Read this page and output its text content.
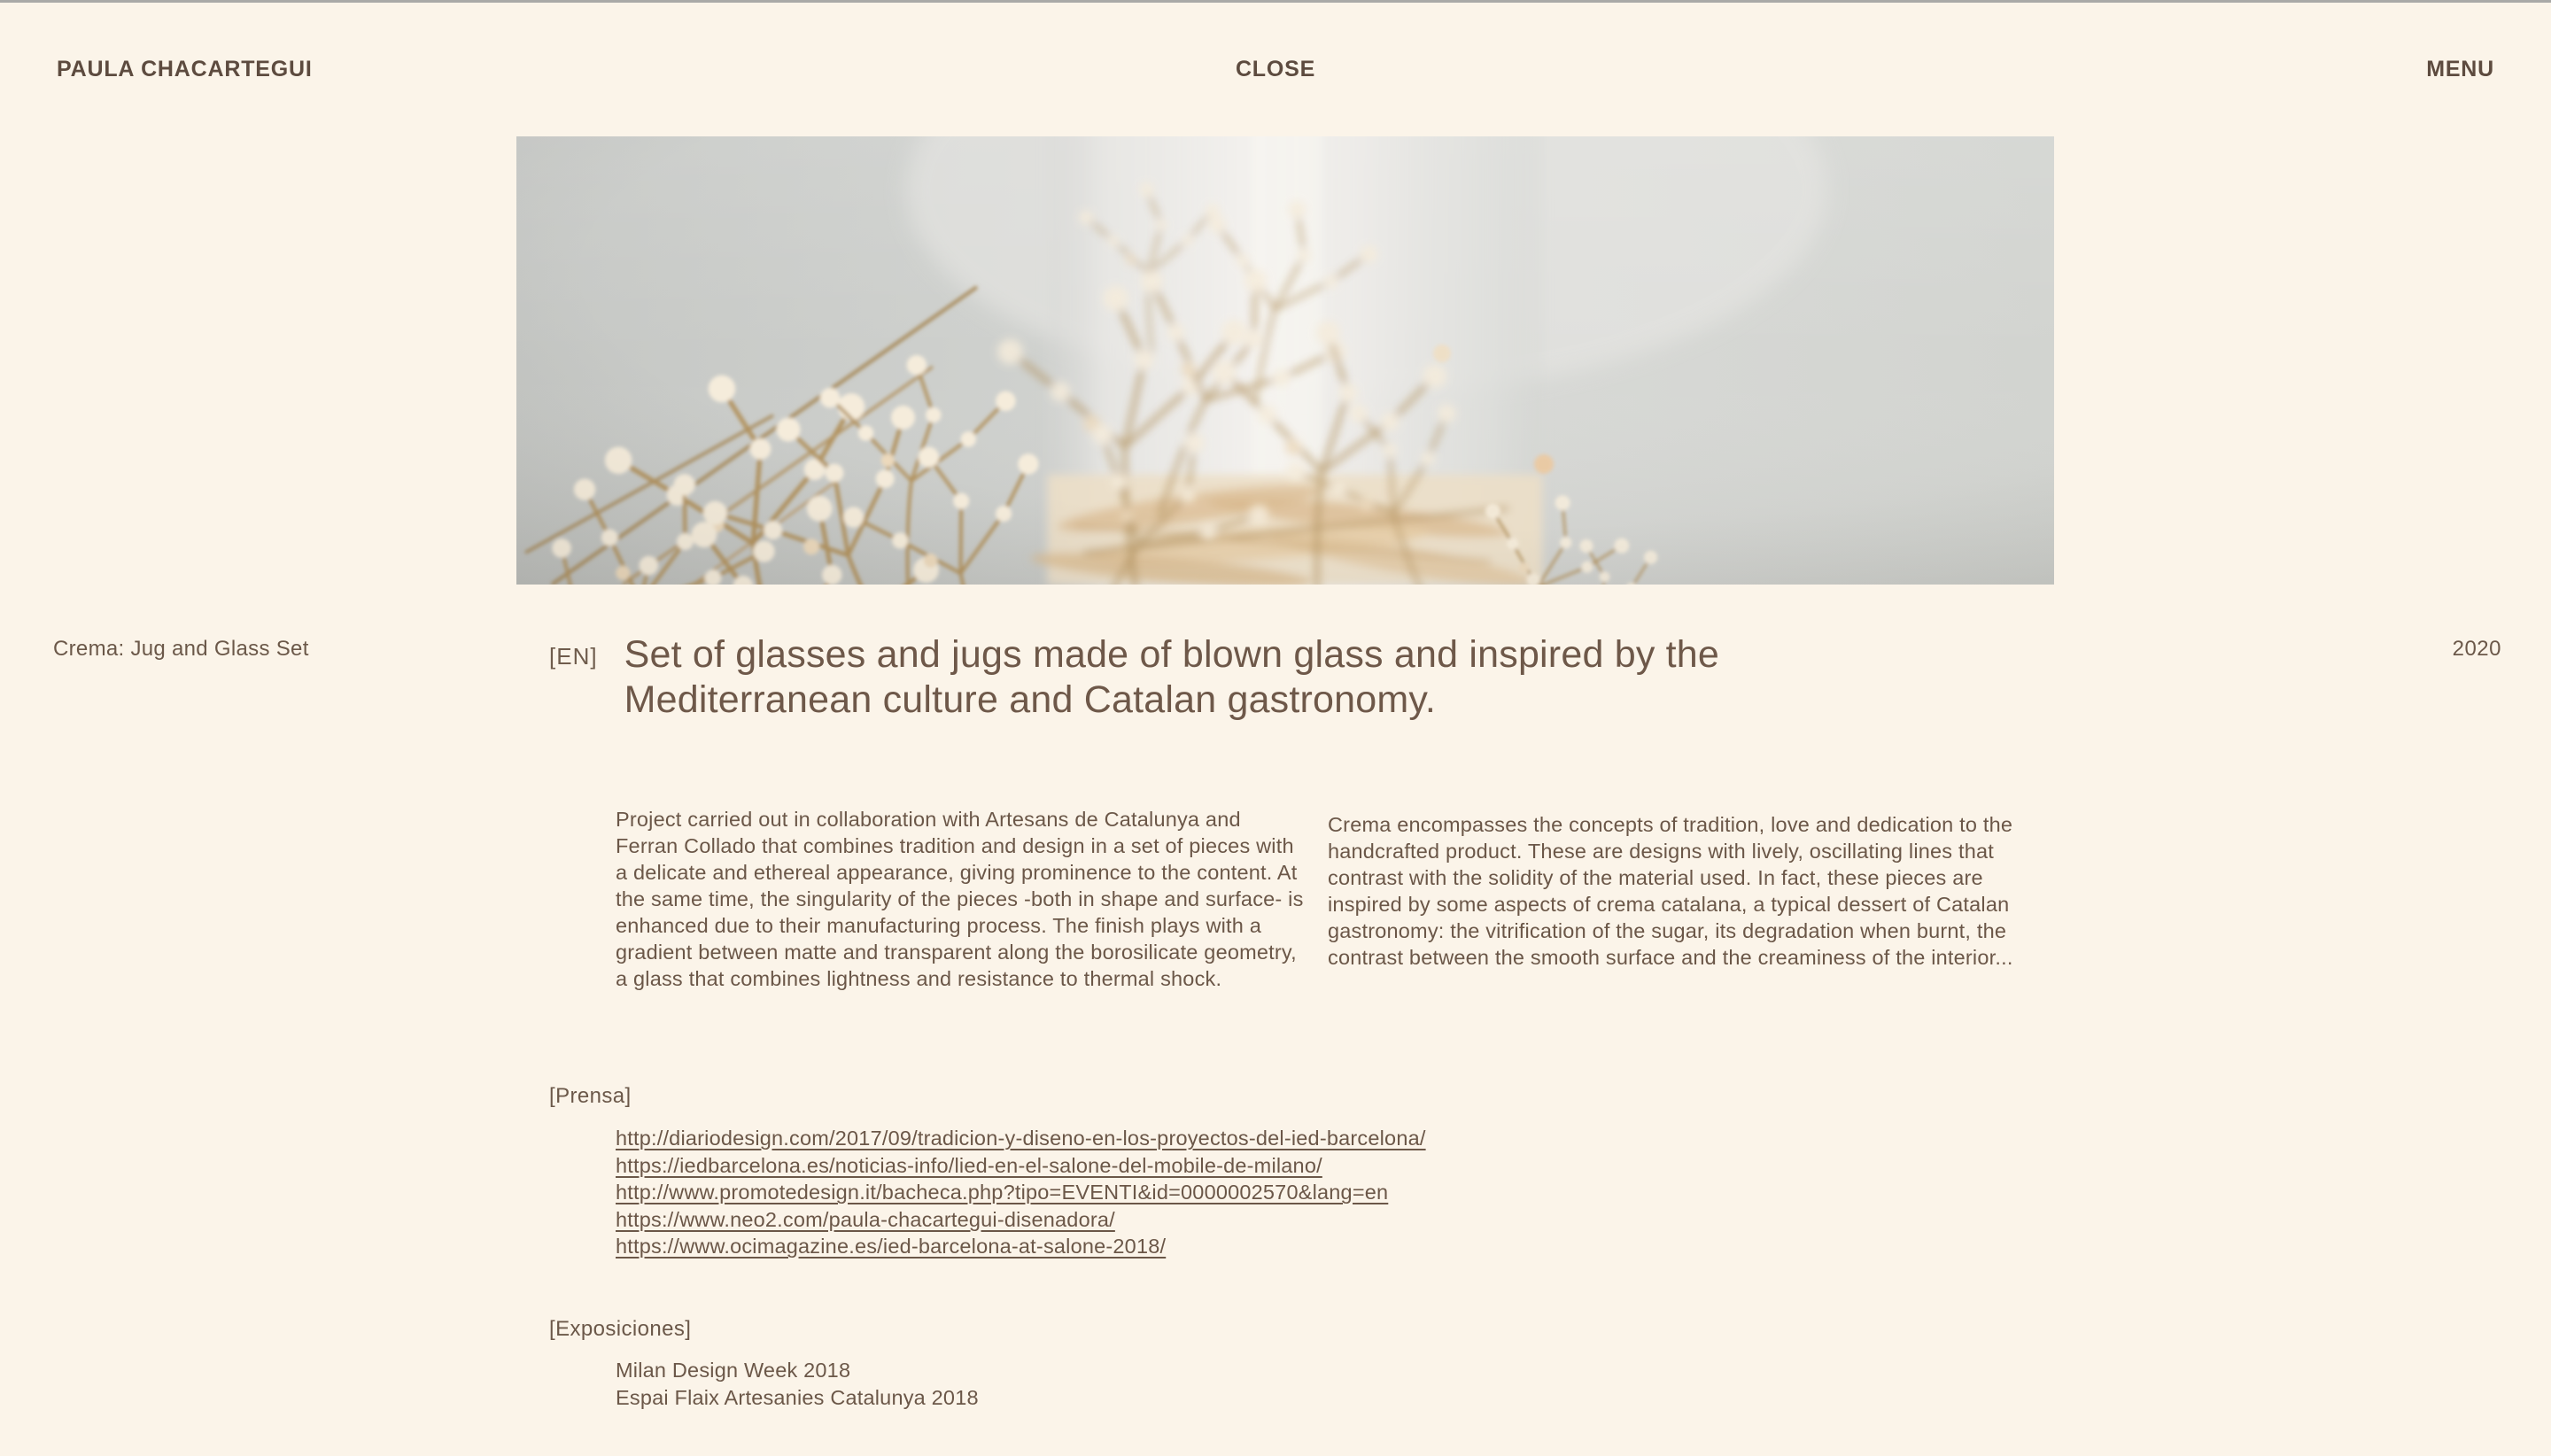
PAULA CHACARTEGUI	CLOSE	MENU
Crema: Jug and Glass Set	2020
[EN] Set of glasses and jugs made of blown glass and inspired by the Mediterranean culture and Catalan gastronomy.

Project carried out in collaboration with Artesans de Catalunya and Ferran Collado that combines tradition and design in a set of pieces with a delicate and ethereal appearance, giving prominence to the content. At the same time, the singularity of the pieces -both in shape and surface- is enhanced due to their manufacturing process. The finish plays with a gradient between matte and transparent along the borosilicate geometry, a glass that combines lightness and resistance to thermal shock.

Crema encompasses the concepts of tradition, love and dedication to the handcrafted product. These are designs with lively, oscillating lines that contrast with the solidity of the material used. In fact, these pieces are inspired by some aspects of crema catalana, a typical dessert of Catalan gastronomy: the vitrification of the sugar, its degradation when burnt, the contrast between the smooth surface and the creaminess of the interior...

[Prensa]
http://diariodesign.com/2017/09/tradicion-y-diseno-en-los-proyectos-del-ied-barcelona/
https://iedbarcelona.es/noticias-info/lied-en-el-salone-del-mobile-de-milano/
http://www.promotedesign.it/bacheca.php?tipo=EVENTI&id=0000002570&lang=en
https://www.neo2.com/paula-chacartegui-disenadora/
https://www.ocimagazine.es/ied-barcelona-at-salone-2018/
[Exposiciones]
Milan Design Week 2018
Espai Flaix Artesanies Catalunya 2018
